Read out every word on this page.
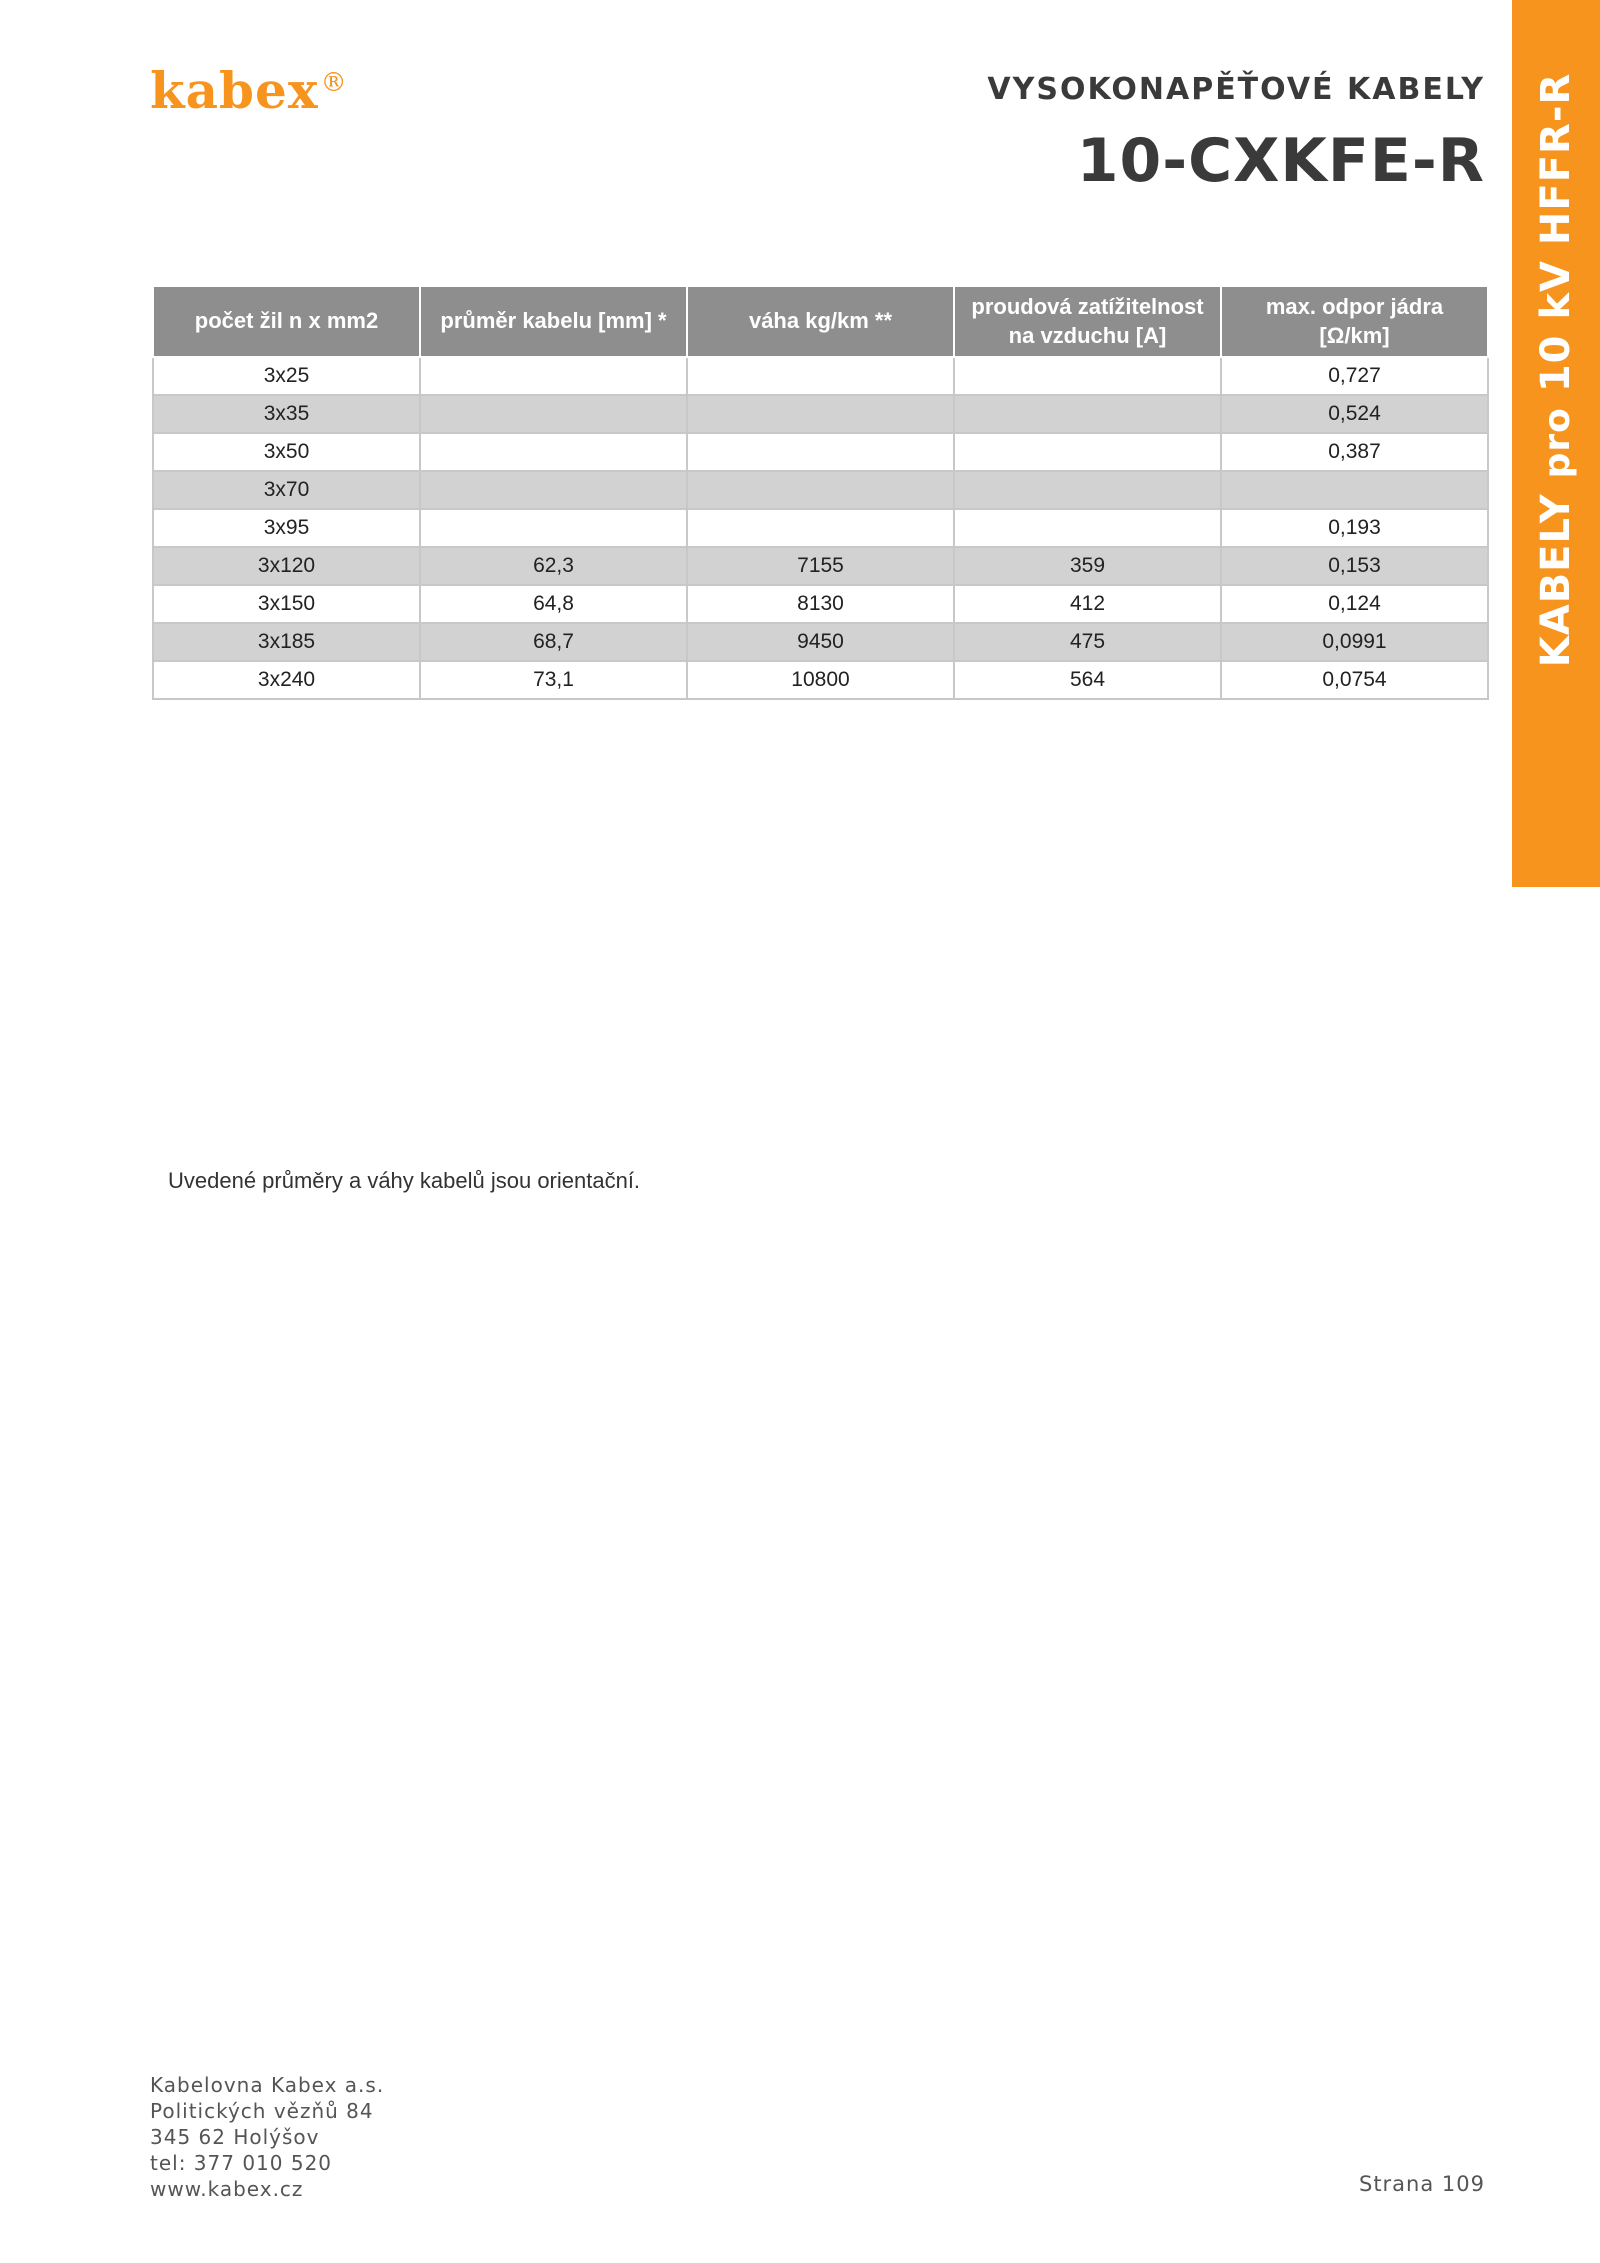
kabex®	VYSOKONAPĚŤOVÉ KABELY
10-CXKFE-R
KABELY pro 10 kV HFFR-R
počet žil n x mm2	průměr kabelu [mm] *	váha kg/km **	proudová zatížitelnost na vzduchu [A]	max. odpor jádra [Ω/km]
3x25				0,727
3x35				0,524
3x50				0,387
3x70				
3x95				0,193
3x120	62,3	7155	359	0,153
3x150	64,8	8130	412	0,124
3x185	68,7	9450	475	0,0991
3x240	73,1	10800	564	0,0754
Uvedené průměry a váhy kabelů jsou orientační.
Kabelovna Kabex a.s.
Politických vězňů 84
345 62 Holýšov
tel: 377 010 520
www.kabex.cz	Strana 109
